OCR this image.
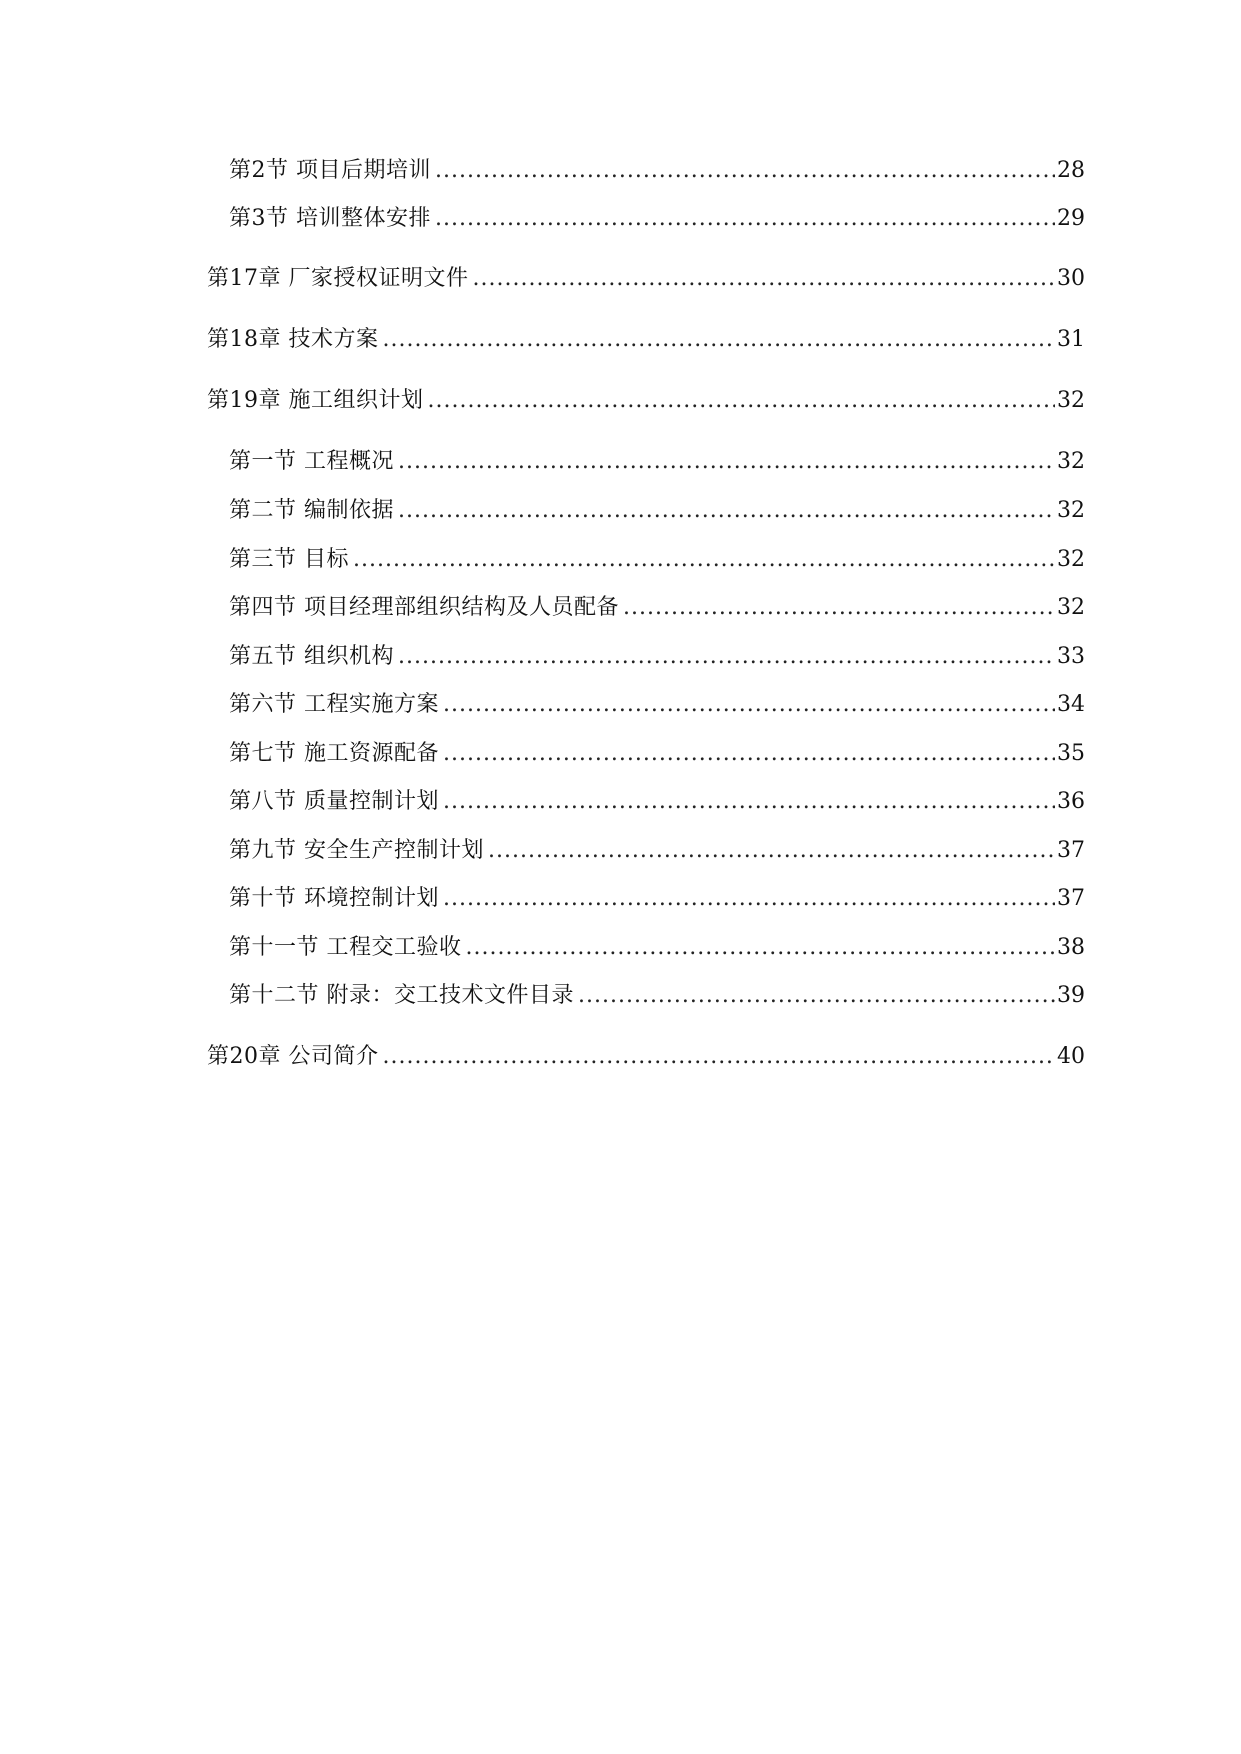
第2节 项目后期培训 .....	28
第3节 培训整体安排 .....	29
第17章 厂家授权证明文件 .....	30
第18章 技术方案 .....	31
第19章 施工组织计划 .....	32
第一节 工程概况 .....	32
第二节 编制依据 .....	32
第三节 目标 .....	32
第四节 项目经理部组织结构及人员配备 .....	32
第五节 组织机构 .....	33
第六节 工程实施方案 .....	34
第七节 施工资源配备 .....	35
第八节 质量控制计划 .....	36
第九节 安全生产控制计划 .....	37
第十节 环境控制计划 .....	37
第十一节 工程交工验收 .....	38
第十二节 附录：交工技术文件目录 .....	39
第20章 公司简介 .....	40
